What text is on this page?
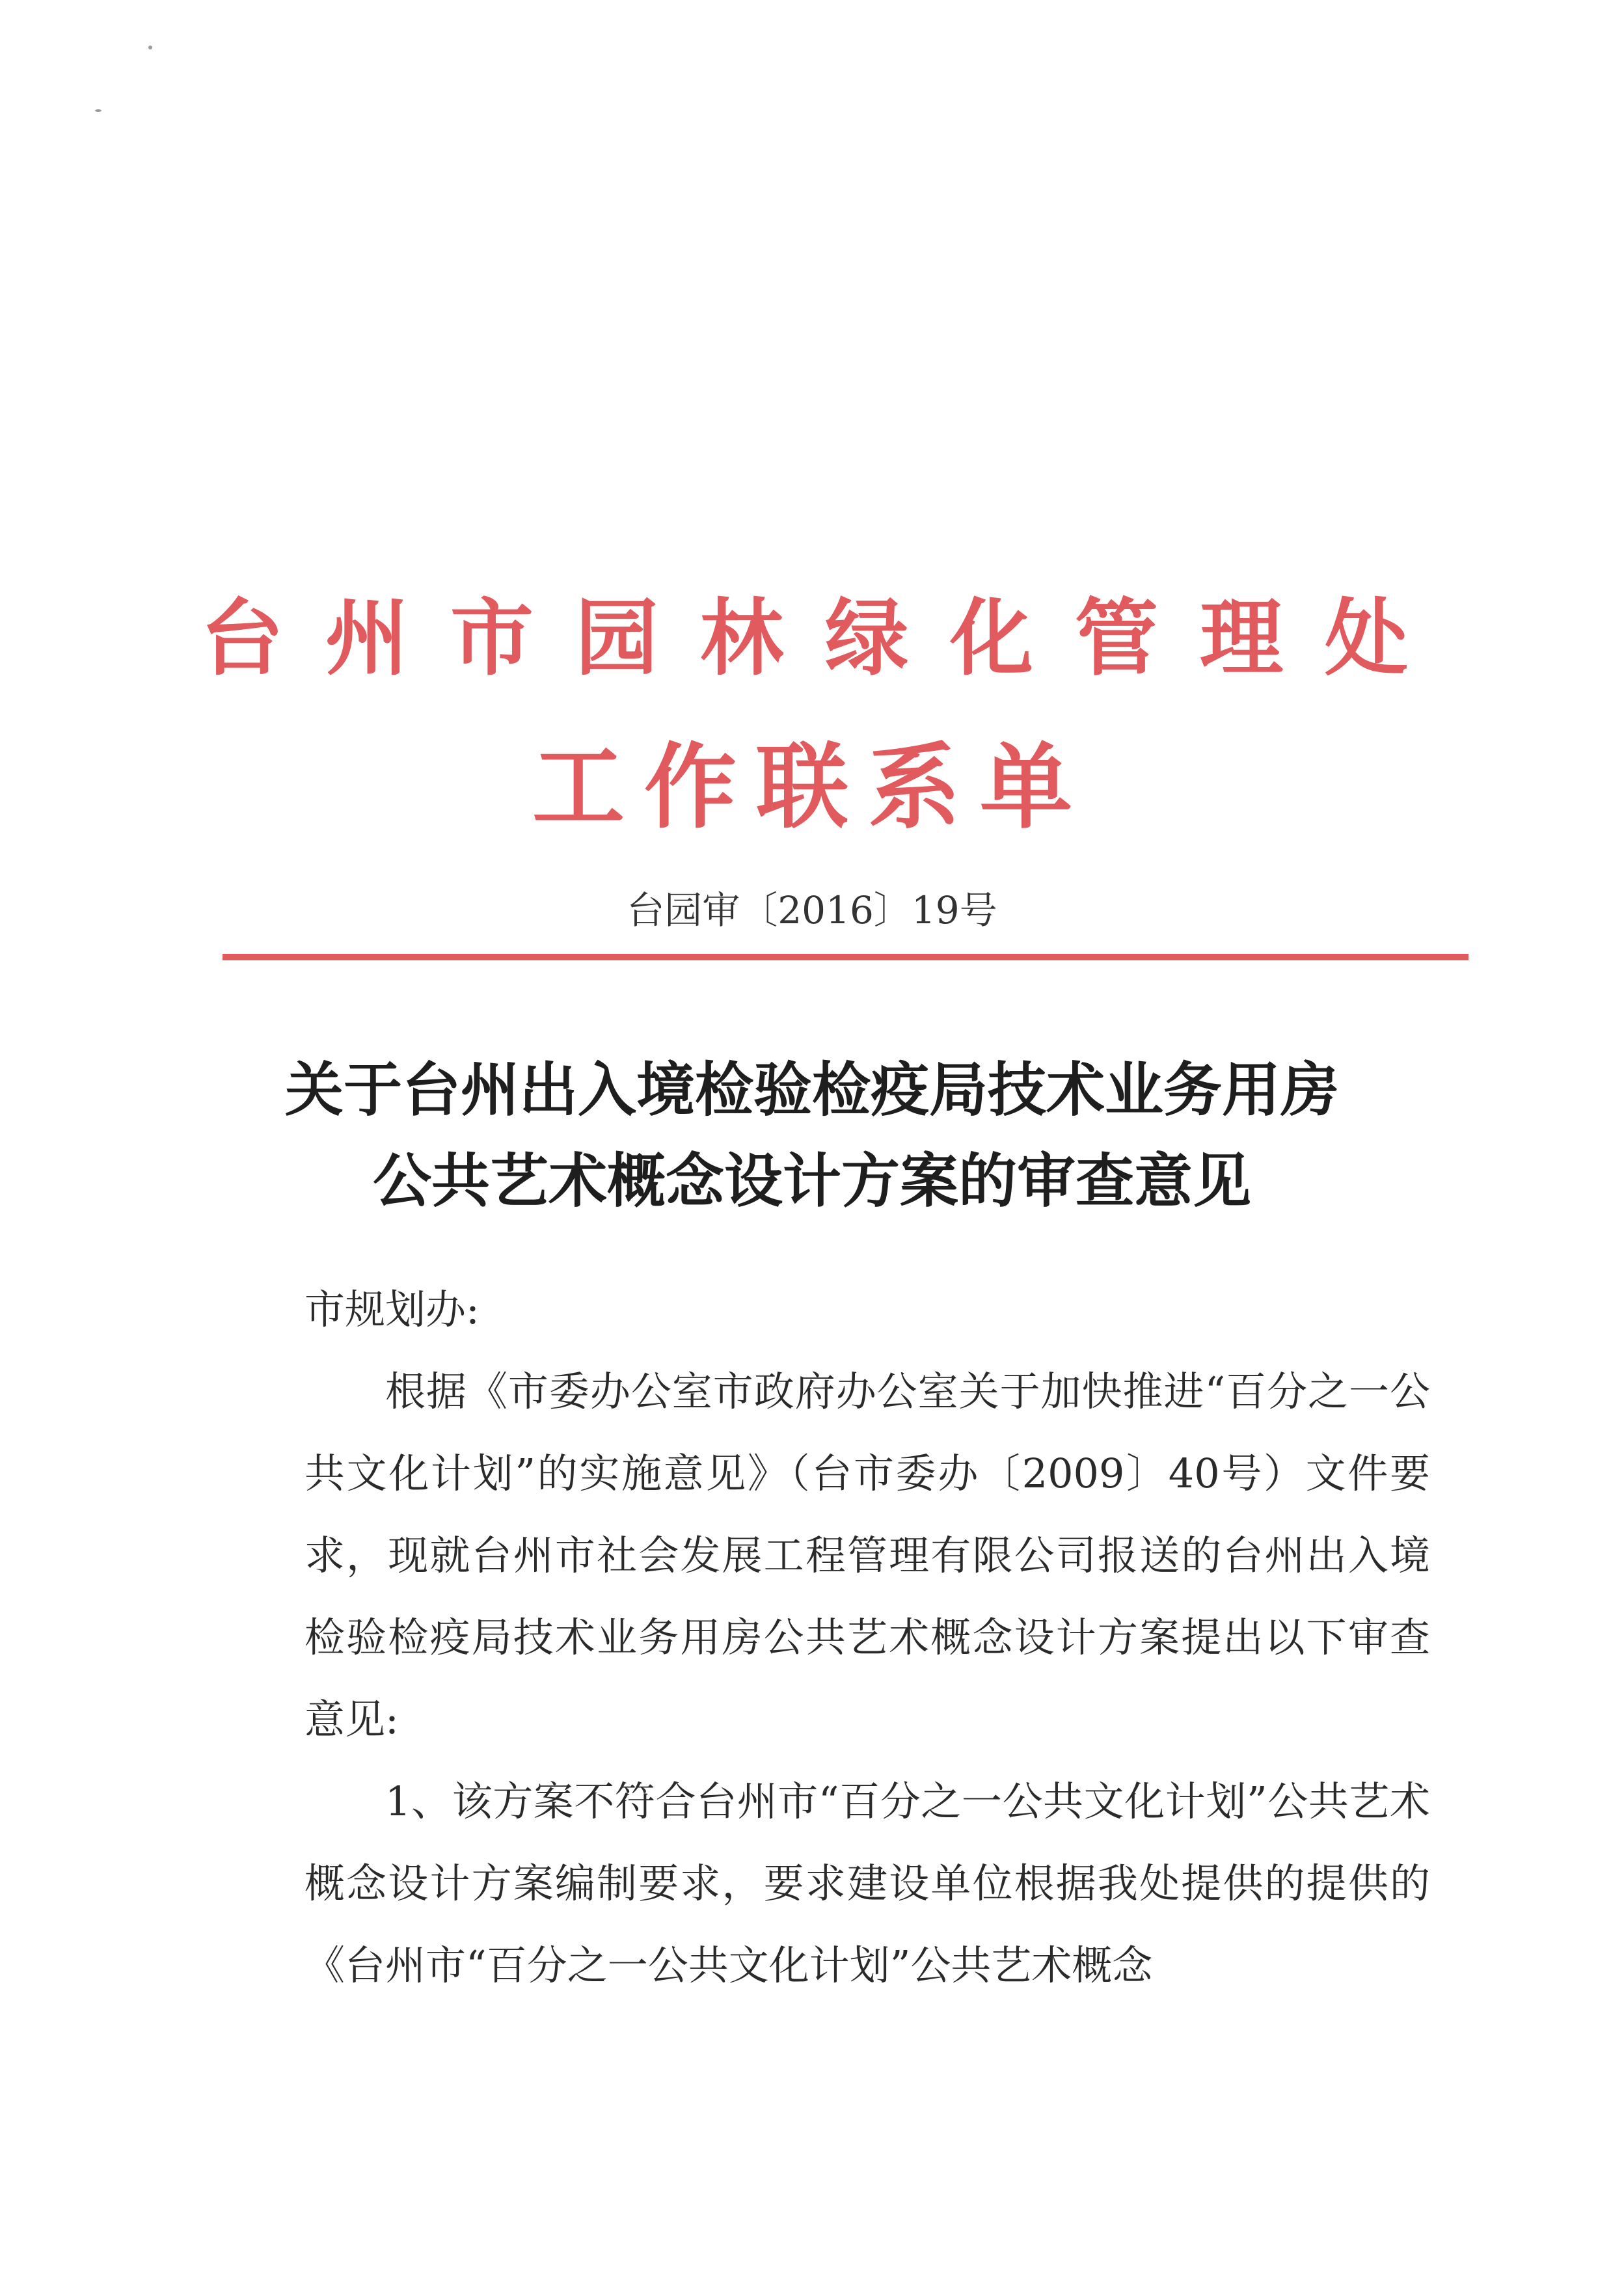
台州市园林绿化管理处
工作联系单
台园审〔2016〕19号
关于台州出入境检验检疫局技术业务用房
公共艺术概念设计方案的审查意见

市规划办:

根据《市委办公室市政府办公室关于加快推进“百分之一公共文化计划”的实施意见》（台市委办〔2009〕40号）文件要求，现就台州市社会发展工程管理有限公司报送的台州出入境检验检疫局技术业务用房公共艺术概念设计方案提出以下审查意见:

1、该方案不符合台州市“百分之一公共文化计划”公共艺术概念设计方案编制要求，要求建设单位根据我处提供的提供的《台州市“百分之一公共文化计划”公共艺术概念
